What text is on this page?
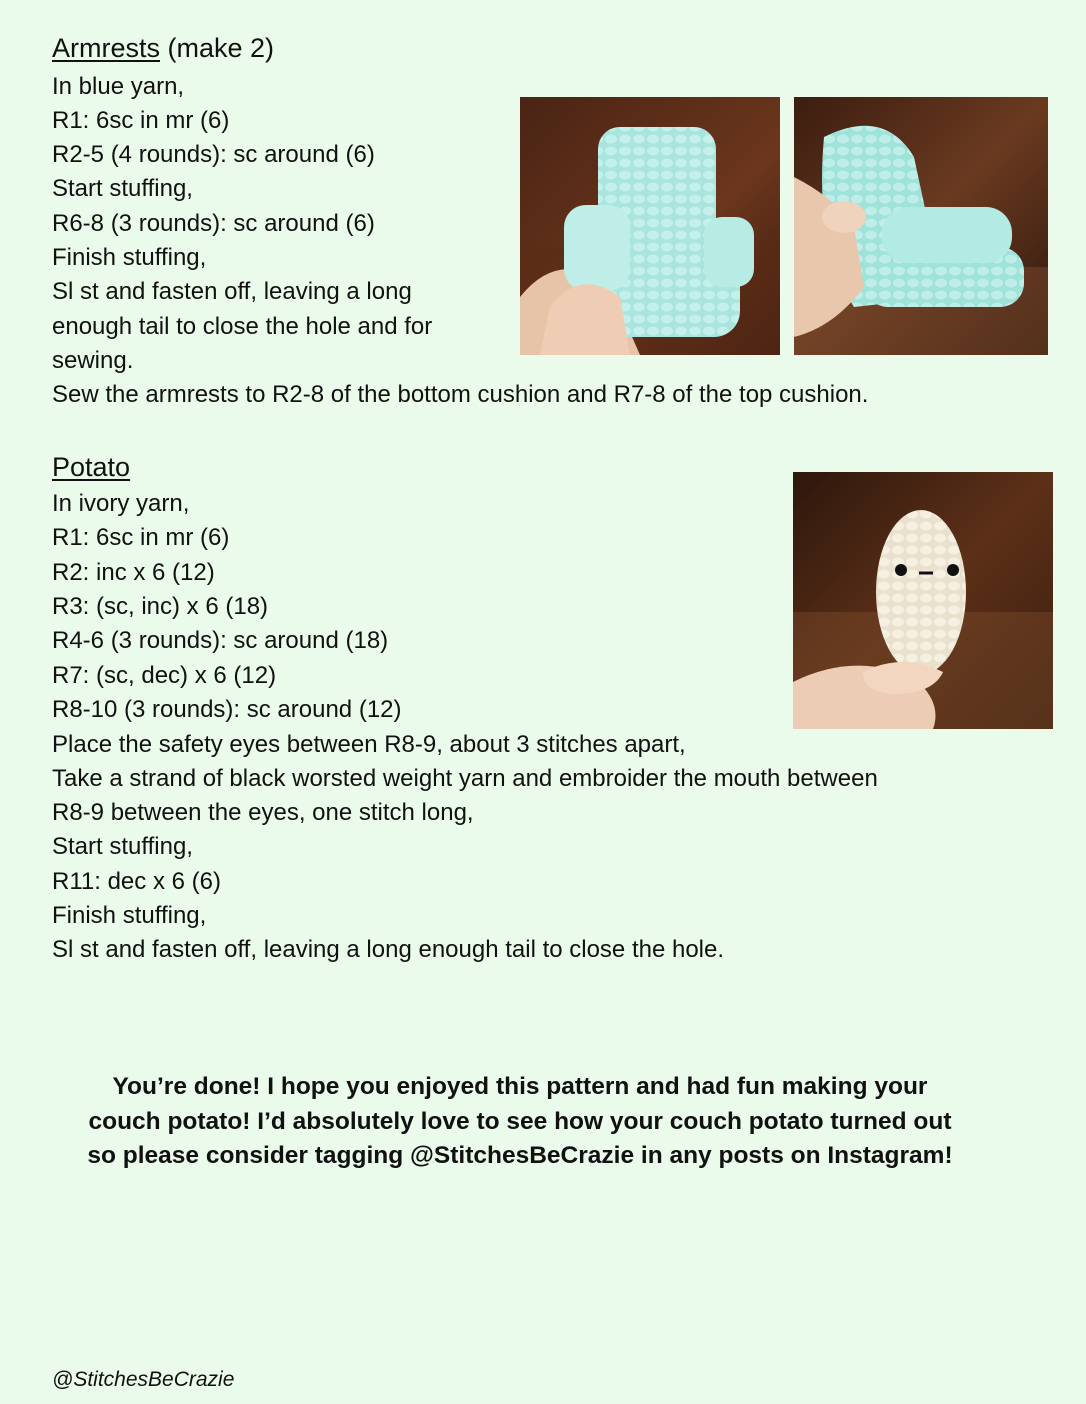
Armrests (make 2)
In blue yarn,
R1: 6sc in mr (6)
R2-5 (4 rounds): sc around (6)
Start stuffing,
R6-8 (3 rounds): sc around (6)
Finish stuffing,
Sl st and fasten off, leaving a long
enough tail to close the hole and for
sewing.
Sew the armrests to R2-8 of the bottom cushion and R7-8 of the top cushion.
Potato
In ivory yarn,
R1: 6sc in mr (6)
R2: inc x 6 (12)
R3: (sc, inc) x 6 (18)
R4-6 (3 rounds): sc around (18)
R7: (sc, dec) x 6 (12)
R8-10 (3 rounds): sc around (12)
Place the safety eyes between R8-9, about 3 stitches apart,
Take a strand of black worsted weight yarn and embroider the mouth between
R8-9 between the eyes, one stitch long,
Start stuffing,
R11: dec x 6 (6)
Finish stuffing,
Sl st and fasten off, leaving a long enough tail to close the hole.
You’re done! I hope you enjoyed this pattern and had fun making your
couch potato! I’d absolutely love to see how your couch potato turned out
so please consider tagging @StitchesBeCrazie in any posts on Instagram!
@StitchesBeCrazie
